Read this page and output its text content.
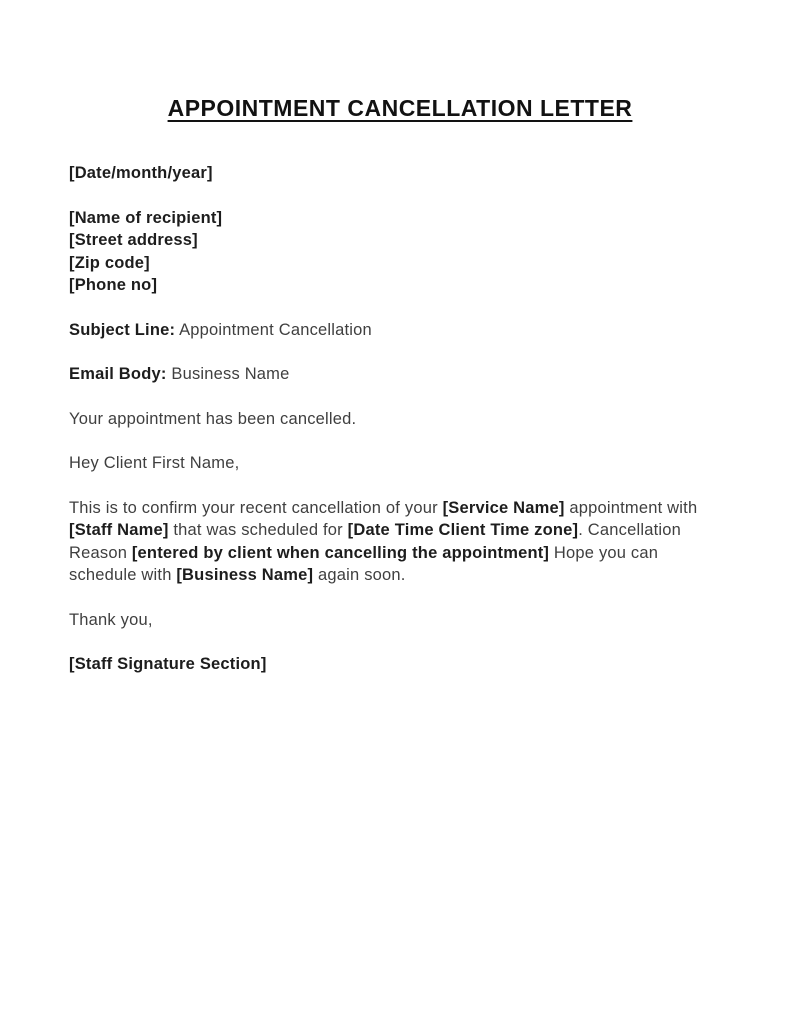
APPOINTMENT CANCELLATION LETTER

[Date/month/year]

[Name of recipient]

[Street address]

[Zip code]

[Phone no]

Subject Line: Appointment Cancellation

Email Body: Business Name

Your appointment has been cancelled.

Hey Client First Name,

This is to confirm your recent cancellation of your [Service Name] appointment with [Staff Name] that was scheduled for [Date Time Client Time zone]. Cancellation Reason [entered by client when cancelling the appointment] Hope you can schedule with [Business Name] again soon.

Thank you,

[Staff Signature Section]
